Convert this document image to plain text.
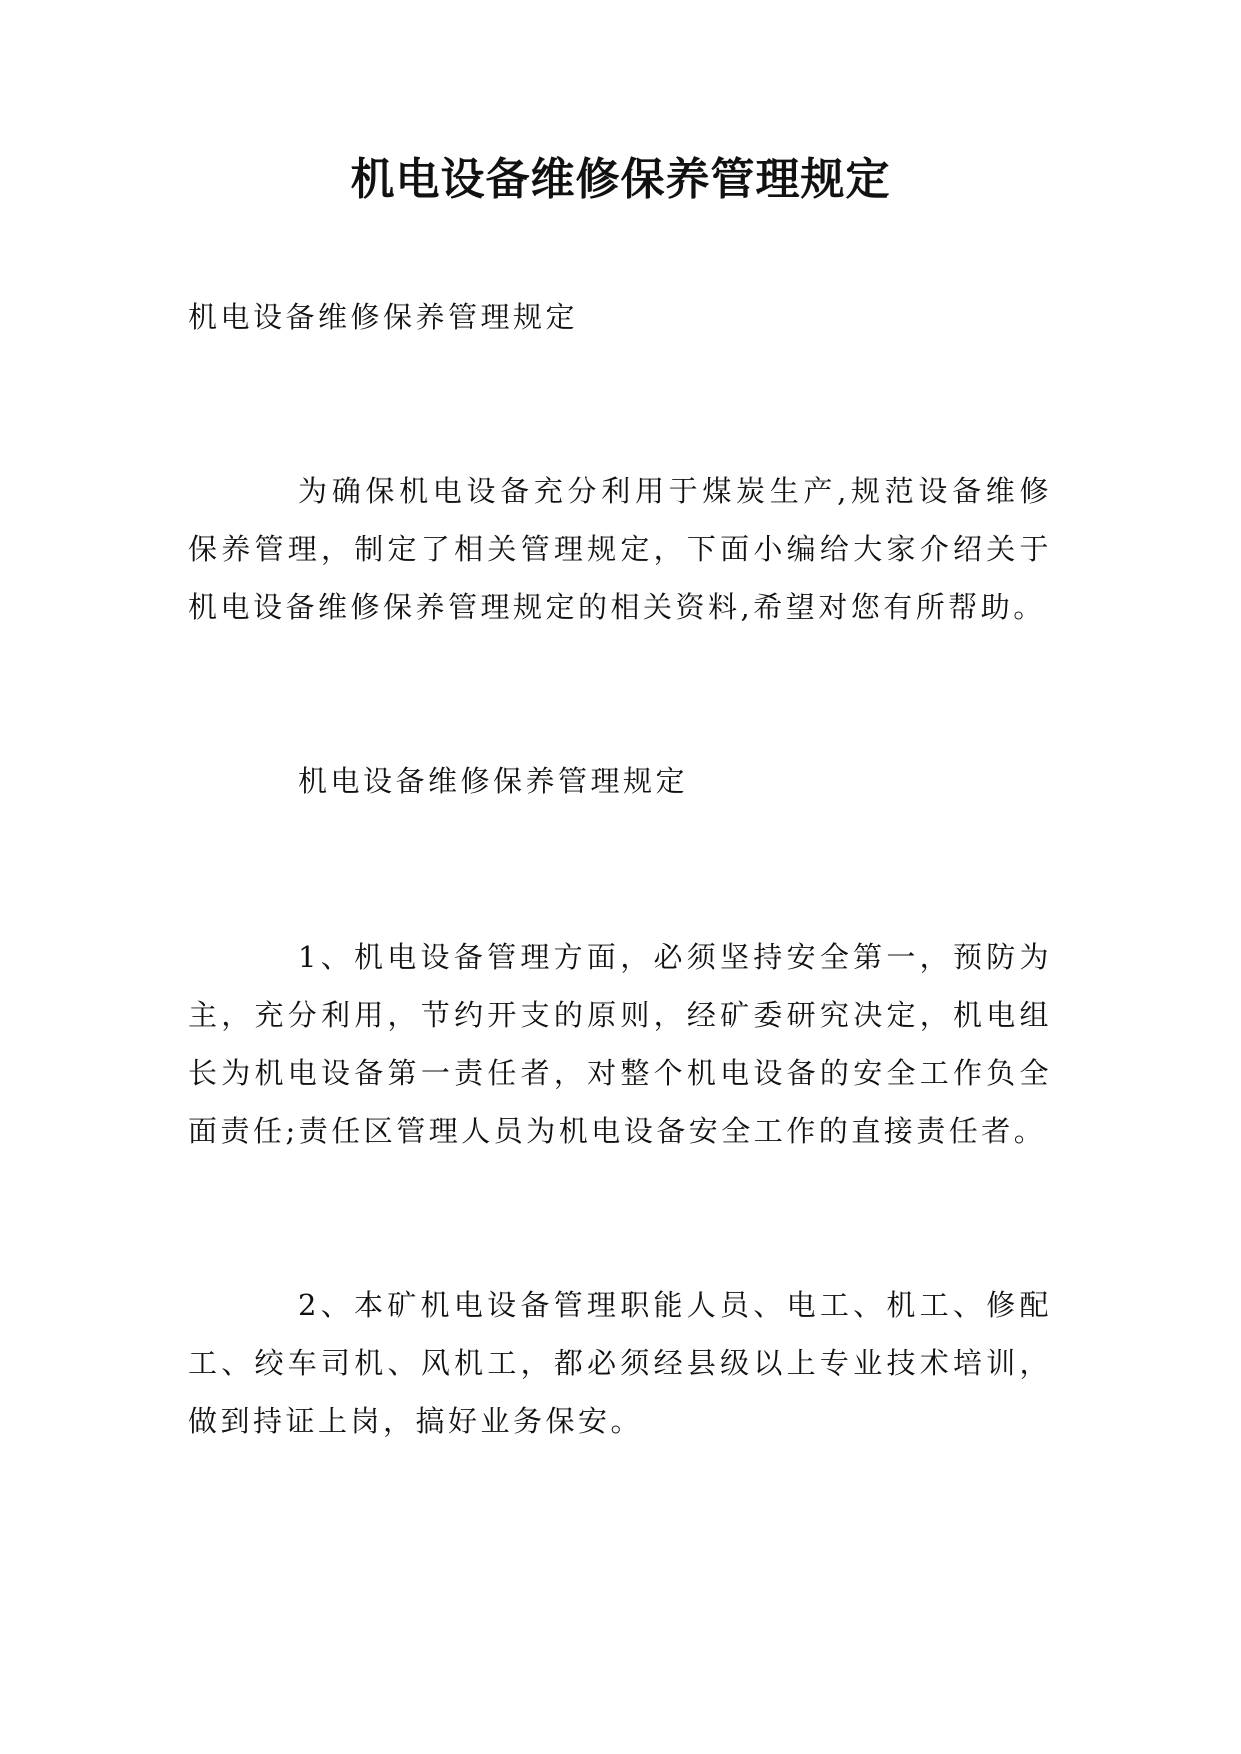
机电设备维修保养管理规定

机电设备维修保养管理规定

为确保机电设备充分利用于煤炭生产,规范设备维修保养管理，制定了相关管理规定，下面小编给大家介绍关于机电设备维修保养管理规定的相关资料,希望对您有所帮助。

机电设备维修保养管理规定

1、机电设备管理方面，必须坚持安全第一，预防为主，充分利用，节约开支的原则，经矿委研究决定，机电组长为机电设备第一责任者，对整个机电设备的安全工作负全面责任;责任区管理人员为机电设备安全工作的直接责任者。

2、本矿机电设备管理职能人员、电工、机工、修配工、绞车司机、风机工，都必须经县级以上专业技术培训，做到持证上岗，搞好业务保安。
